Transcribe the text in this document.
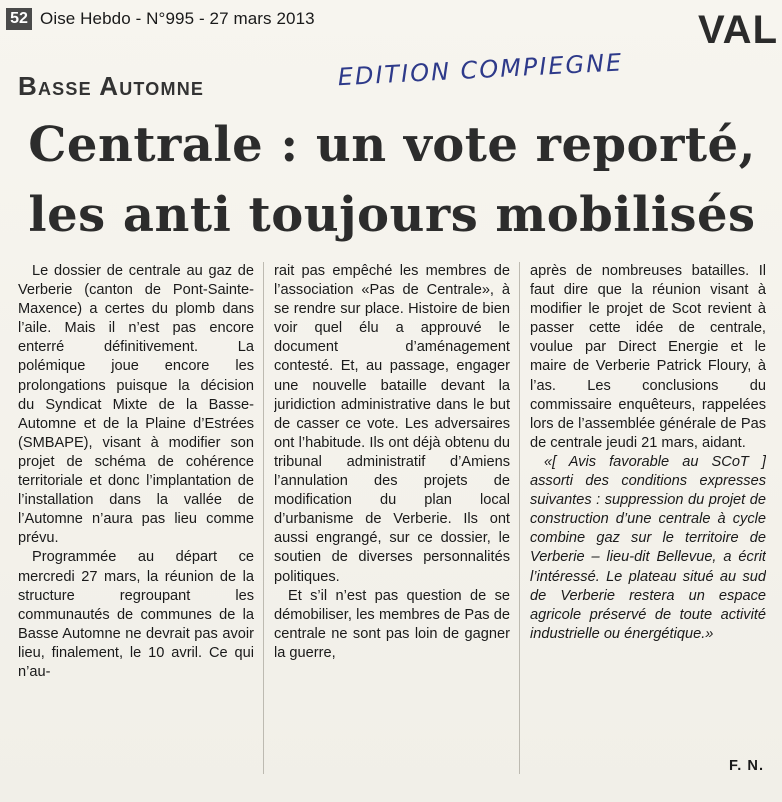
52 Oise Hebdo - N°995 - 27 mars 2013	VAL
EDITION COMPIEGNE
Basse Automne
Centrale : un vote reporté,
les anti toujours mobilisés

Le dossier de centrale au gaz de Verberie (canton de Pont-Sainte-Maxence) a certes du plomb dans l’aile. Mais il n’est pas encore enterré définitivement. La polémique joue encore les prolongations puisque la décision du Syndicat Mixte de la Basse-Automne et de la Plaine d’Estrées (SMBAPE), visant à modifier son projet de schéma de cohérence territoriale et donc l’implantation de l’installation dans la vallée de l’Automne n’aura pas lieu comme prévu.

Programmée au départ ce mercredi 27 mars, la réunion de la structure regroupant les communautés de communes de la Basse Automne ne devrait pas avoir lieu, finalement, le 10 avril. Ce qui n’au-

rait pas empêché les membres de l’association «Pas de Centrale», à se rendre sur place. Histoire de bien voir quel élu a approuvé le document d’aménagement contesté. Et, au passage, engager une nouvelle bataille devant la juridiction administrative dans le but de casser ce vote. Les adversaires ont l’habitude. Ils ont déjà obtenu du tribunal administratif d’Amiens l’annulation des projets de modification du plan local d’urbanisme de Verberie. Ils ont aussi engrangé, sur ce dossier, le soutien de diverses personnalités politiques.

Et s’il n’est pas question de se démobiliser, les membres de Pas de centrale ne sont pas loin de gagner la guerre,

après de nombreuses batailles. Il faut dire que la réunion visant à modifier le projet de Scot revient à passer cette idée de centrale, voulue par Direct Energie et le maire de Verberie Patrick Floury, à l’as. Les conclusions du commissaire enquêteurs, rappelées lors de l’assemblée générale de Pas de centrale jeudi 21 mars, aidant.

«[ Avis favorable au SCoT ] assorti des conditions expresses suivantes : suppression du projet de construction d’une centrale à cycle combine gaz sur le territoire de Verberie – lieu-dit Bellevue, a écrit l’intéressé. Le plateau situé au sud de Verberie restera un espace agricole préservé de toute activité industrielle ou énergétique.»

F. N.
